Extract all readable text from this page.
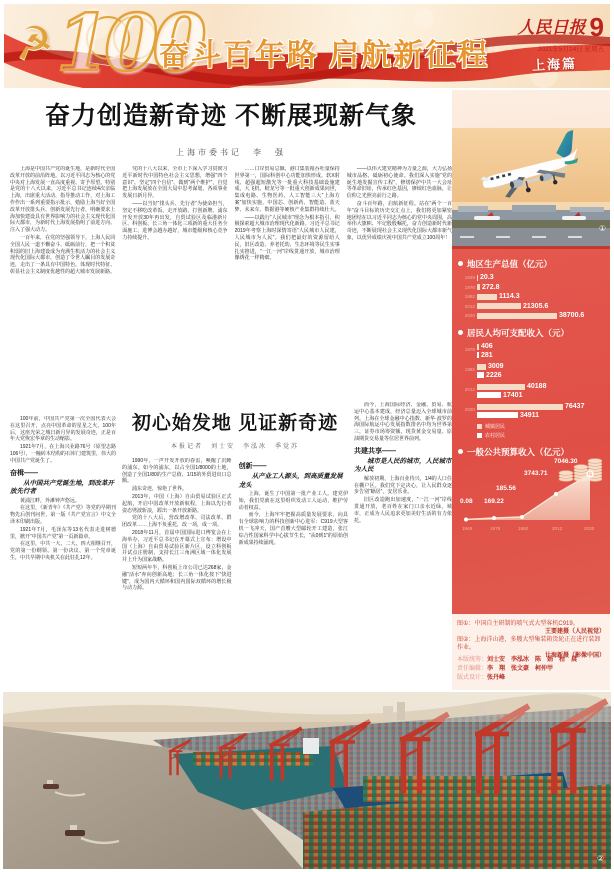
☭ 100
奋斗百年路 启航新征程
人民日报 9
2021年5月14日 星期五
上海篇
奋力创造新奇迹 不断展现新气象
上海市委书记　 李　强

上海是中国共产党的诞生地，是新时代全国改革开放的前沿阵地。以习近平同志为核心的党中央对上海发展一直高度重视、寄予厚望。特别是党的十八大以来，习近平总书记连续4次亲临上海，出席重大活动，指导推动工作，对上海工作作出一系列重要指示批示，勉励上海当好全国改革开放排头兵、创新发展先行者，明确要求上海加快建设具有世界影响力的社会主义现代化国际大都市，为新时代上海发展指明了前进方向、注入了强大动力。

一百年来，在党的坚强领导下，上海人民同全国人民一道不懈奋斗、砥砺前行，把一个积贫积弱的旧上海建设成为充满生机活力的社会主义现代化国际大都市，创造了令世人瞩目的发展奇迹，走出了一条具有中国特色、体现时代特征、彰显社会主义制度优越性的超大城市发展新路。

党的十八大以来，全市上下深入学习贯彻习近平新时代中国特色社会主义思想，增强“四个意识”、坚定“四个自信”、做到“两个维护”，自觉把上海发展放在全国大局中思考谋划，各项事业发展日新月异。

——以当好“排头兵、先行者”为使命担当，坚定不移吃改革饭、走开放路、打创新牌。浦东开发开放30年再出发，自贸试验区及临港新片区、科创板、长三角一体化三项新的重大任务全面施工，进博会越办越好，城市能级和核心竞争力持续提升。

……口岸贸易总额、港口集装箱吞吐量保持世界第一，国际科创中心功能加快形成，软X射线、超强超短激光等一批重大科技基础设施建成，大飞机、蛟龙号等一批重大创新成果问世，集成电路、生物医药、人工智能三大“上海方案”加快实施，中国芯、创新药、智能造、蓝天梦、未来车、数据港等硬核产业集群持续壮大。

——以践行“人民城市”理念为根本指引，积极探索超大城市治理现代化新路。习近平总书记2019年考察上海时深情寄语“人民城市人民建，人民城市为人民”。我们把最好的资源留给人民，旧区改造、养老托幼、生态环境等民生实事扎实推进，“一江一河”岸线贯通开放，城市治理像绣花一样精细。

——以伟大建党精神为力量之源，大力弘扬城市品格、砥砺初心使命。我们深入实施“党的诞生地发掘宣传工程”，修缮保护中共一大会址等革命旧址，传承红色基因，赓续红色血脉，让信仰之光照亮前行之路。

奋斗百年路，启航新征程。站在“两个一百年”奋斗目标的历史交汇点上，我们将更加紧密地团结在以习近平同志为核心的党中央周围，高举伟大旗帜、牢记殷殷嘱托，奋力创造新时代新奇迹，不断展现社会主义现代化国际大都市新气象，以优异成绩庆祝中国共产党成立100周年！

100年前，中国共产党第一次全国代表大会在这里召开，点亮中国革命的星星之火。100年后，这座光荣之城日新月异的发展奇迹，正是百年大党恢宏华章的生动缩影。

1921年7月，在上海兴业路76号（原望志路106号），一幢砖木结构的石库门建筑里，伟大的中国共产党诞生了。

奋楫——
从中国共产党诞生地，到改革开放先行者

黄浦江畔，外滩钟声悠远。

在这里，《新青年》《共产党》等党的早期刊物先后创刊问世，第一版《共产党宣言》中文全译本印刷出版。

1921年7月，毛泽东等13名代表走进树德里，掀开“中国共产党”第一页新篇章。

在这里，中共一大、二大、四大相继召开，党的第一份纲领、第一份决议、第一个党章诞生，中共早期中央机关在此驻扎12年。

初心始发地 见证新奇迹
本报记者　刘士安　李泓冰　季觉苏

1990年，一声开发开放的春雷，唤醒了沉睡的浦东。如今的浦东，以占全国1/8000的土地，创造了全国1/80的生产总值、1/15的外贸进出口总额。

浦东奇迹，惊艳了世界。

2013年，中国（上海）自由贸易试验区正式起航，开启中国改革开放新航程，上海以先行者姿态劈波斩浪，蹚出一条开放新路。

党的十八大后，营改增改革、司法改革、群团改革……上海不负重托，改一项，成一项。

2018年11月，首届中国国际进口博览会在上海举办，习近平总书记在开幕式上宣布：增设中国（上海）自由贸易试验区新片区，设立科创板并试点注册制，支持长江三角洲区域一体化发展并上升为国家战略。

短短两年半，科创板上市公司已达268家，金融“活水”奔向创新高地；长三角一体化按下“快进键”，成为国内大循环和国内国际双循环的增长极与动力源。

创新——
从产业工人源头，到高质量发展龙头

上海，诞生了中国第一批产业工人。建党伊始，我们党就在这里组织发动工人运动，维护劳动者权益。

而今，上海牢牢把握高质量发展要求，向具有全球影响力的科技创新中心进军：C919大型客机一飞冲天，国产首艘大型邮轮开工建造，张江综合性国家科学中心拔节生长，“从0到1”的原始创新成果持续涌现。

而今，上海国际经济、金融、贸易、航运中心基本建成，经济总量迈入全球城市前列。上海在全球金融中心指数、新华·波罗的海国际航运中心发展指数排名中均为世界第三，证券市场筹资额、现货黄金交易量、原油期货交易量等位居世界前列。

共建共享——
城市是人民的城市，人民城市为人民

解放初期，上海百业待兴，1/4的人口住在棚户区。我们党下定决心，让人民群众逐步告别“蜗居”，安居乐业。

旧区改造跑出加速度，“一江一河”岸线贯通开放，老百姓在家门口亲水近绿。城市，正成为人民追求更加美好生活的有力依托。

①
地区生产总值（亿元）
1949 20.3
1978 272.8
1992	1114.3
2012	21305.6
2020	38700.6
居民人均可支配收入（元）
1978 406
281
1992 3009
2226
2012	40188
17401
2020	76437
34911
城镇居民
农村居民
一般公共预算收入（亿元）
0.08 169.22
185.56
3743.71
7046.30
1949	1978	1992	2012	2020
图①：中国自主研制的喷气式大型客机C919。
王要建摄（人民视觉）
图②：上海洋山港，多艘大型集装箱货轮正在进行装卸作业。
计海新摄（影像中国）
本版统筹：刘士安　李泓冰　陈　娟　程　晨
责任编辑：李　翔　张文豪　柯仲甲
版式设计：张丹峰
②
